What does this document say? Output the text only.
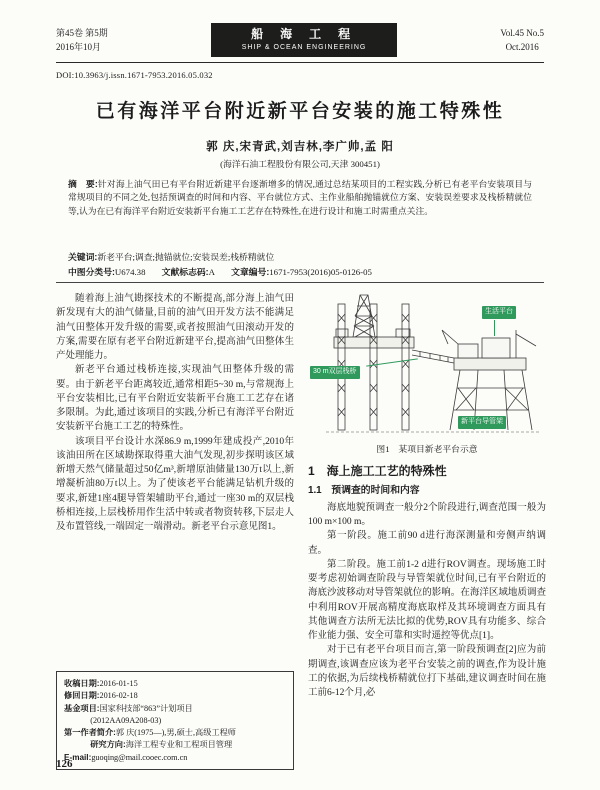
第45卷 第5期
2016年10月
船 海 工 程
SHIP & OCEAN ENGINEERING
Vol.45 No.5
Oct.2016
DOI:10.3963/j.issn.1671-7953.2016.05.032
已有海洋平台附近新平台安装的施工特殊性
郭 庆,宋青武,刘吉林,李广帅,孟 阳
(海洋石油工程股份有限公司,天津 300451)
摘　要:针对海上油气田已有平台附近新建平台逐渐增多的情况,通过总结某项目的工程实践,分析已有老平台安装项目与常规项目的不同之处,包括预调查的时间和内容、平台就位方式、主作业船舶抛锚就位方案、安装误差要求及栈桥精就位等,认为在已有海洋平台附近安装新平台施工工艺存在特殊性,在进行设计和施工时需重点关注。
关键词:新老平台;调查;抛锚就位;安装误差;栈桥精就位
中图分类号:U674.38 文献标志码:A 文章编号:1671-7953(2016)05-0126-05

随着海上油气勘探技术的不断提高,部分海上油气田新发现有大的油气储量,目前的油气田开发方法不能满足油气田整体开发升级的需要,或者按照油气田滚动开发的方案,需要在原有老平台附近新建平台,提高油气田整体生产处理能力。

新老平台通过栈桥连接,实现油气田整体升级的需要。由于新老平台距离较近,通常相距5~30 m,与常规海上平台安装相比,已有平台附近安装新平台施工工艺存在诸多限制。为此,通过该项目的实践,分析已有海洋平台附近安装新平台施工工艺的特殊性。

该项目平台设计水深86.9 m,1999年建成投产,2010年该油田所在区域勘探取得重大油气发现,初步探明该区域新增天然气储量超过50亿m³,新增原油储量130万t以上,新增凝析油80万t以上。为了使该老平台能满足钻机升级的要求,新建1座4腿导管架辅助平台,通过一座30 m的双层栈桥相连接,上层栈桥用作生活中转或者物资转移,下层走人及布置管线,一端固定一端滑动。新老平台示意见图1。

收稿日期:2016-01-15
修回日期:2016-02-18
基金项目:国家科技部“863”计划项目
(2012AA09A208-03)
第一作者简介:郭 庆(1975—),男,硕士,高级工程师
研究方向:海洋工程专业和工程项目管理
E-mail:guoqing@mail.cooec.com.cn
生活平台
30 m双层栈桥
新平台导管架
图1　某项目新老平台示意
1　海上施工工艺的特殊性
1.1　预调查的时间和内容

海底地貌预调查一般分2个阶段进行,调查范围一般为100 m×100 m。

第一阶段。施工前90 d进行海深测量和旁侧声纳调查。

第二阶段。施工前1-2 d进行ROV调查。现场施工时要考虑初始调查阶段与导管架就位时间,已有平台附近的海底沙波移动对导管架就位的影响。在海洋区域地质调查中利用ROV开展高精度海底取样及其环境调查方面具有其他调查方法所无法比拟的优势,ROV具有功能多、综合作业能力强、安全可靠和实时遥控等优点[1]。

对于已有老平台项目而言,第一阶段预调查[2]应为前期调查,该调查应该为老平台安装之前的调查,作为设计施工的依据,为后续栈桥精就位打下基础,建议调查时间在施工前6-12个月,必

126
